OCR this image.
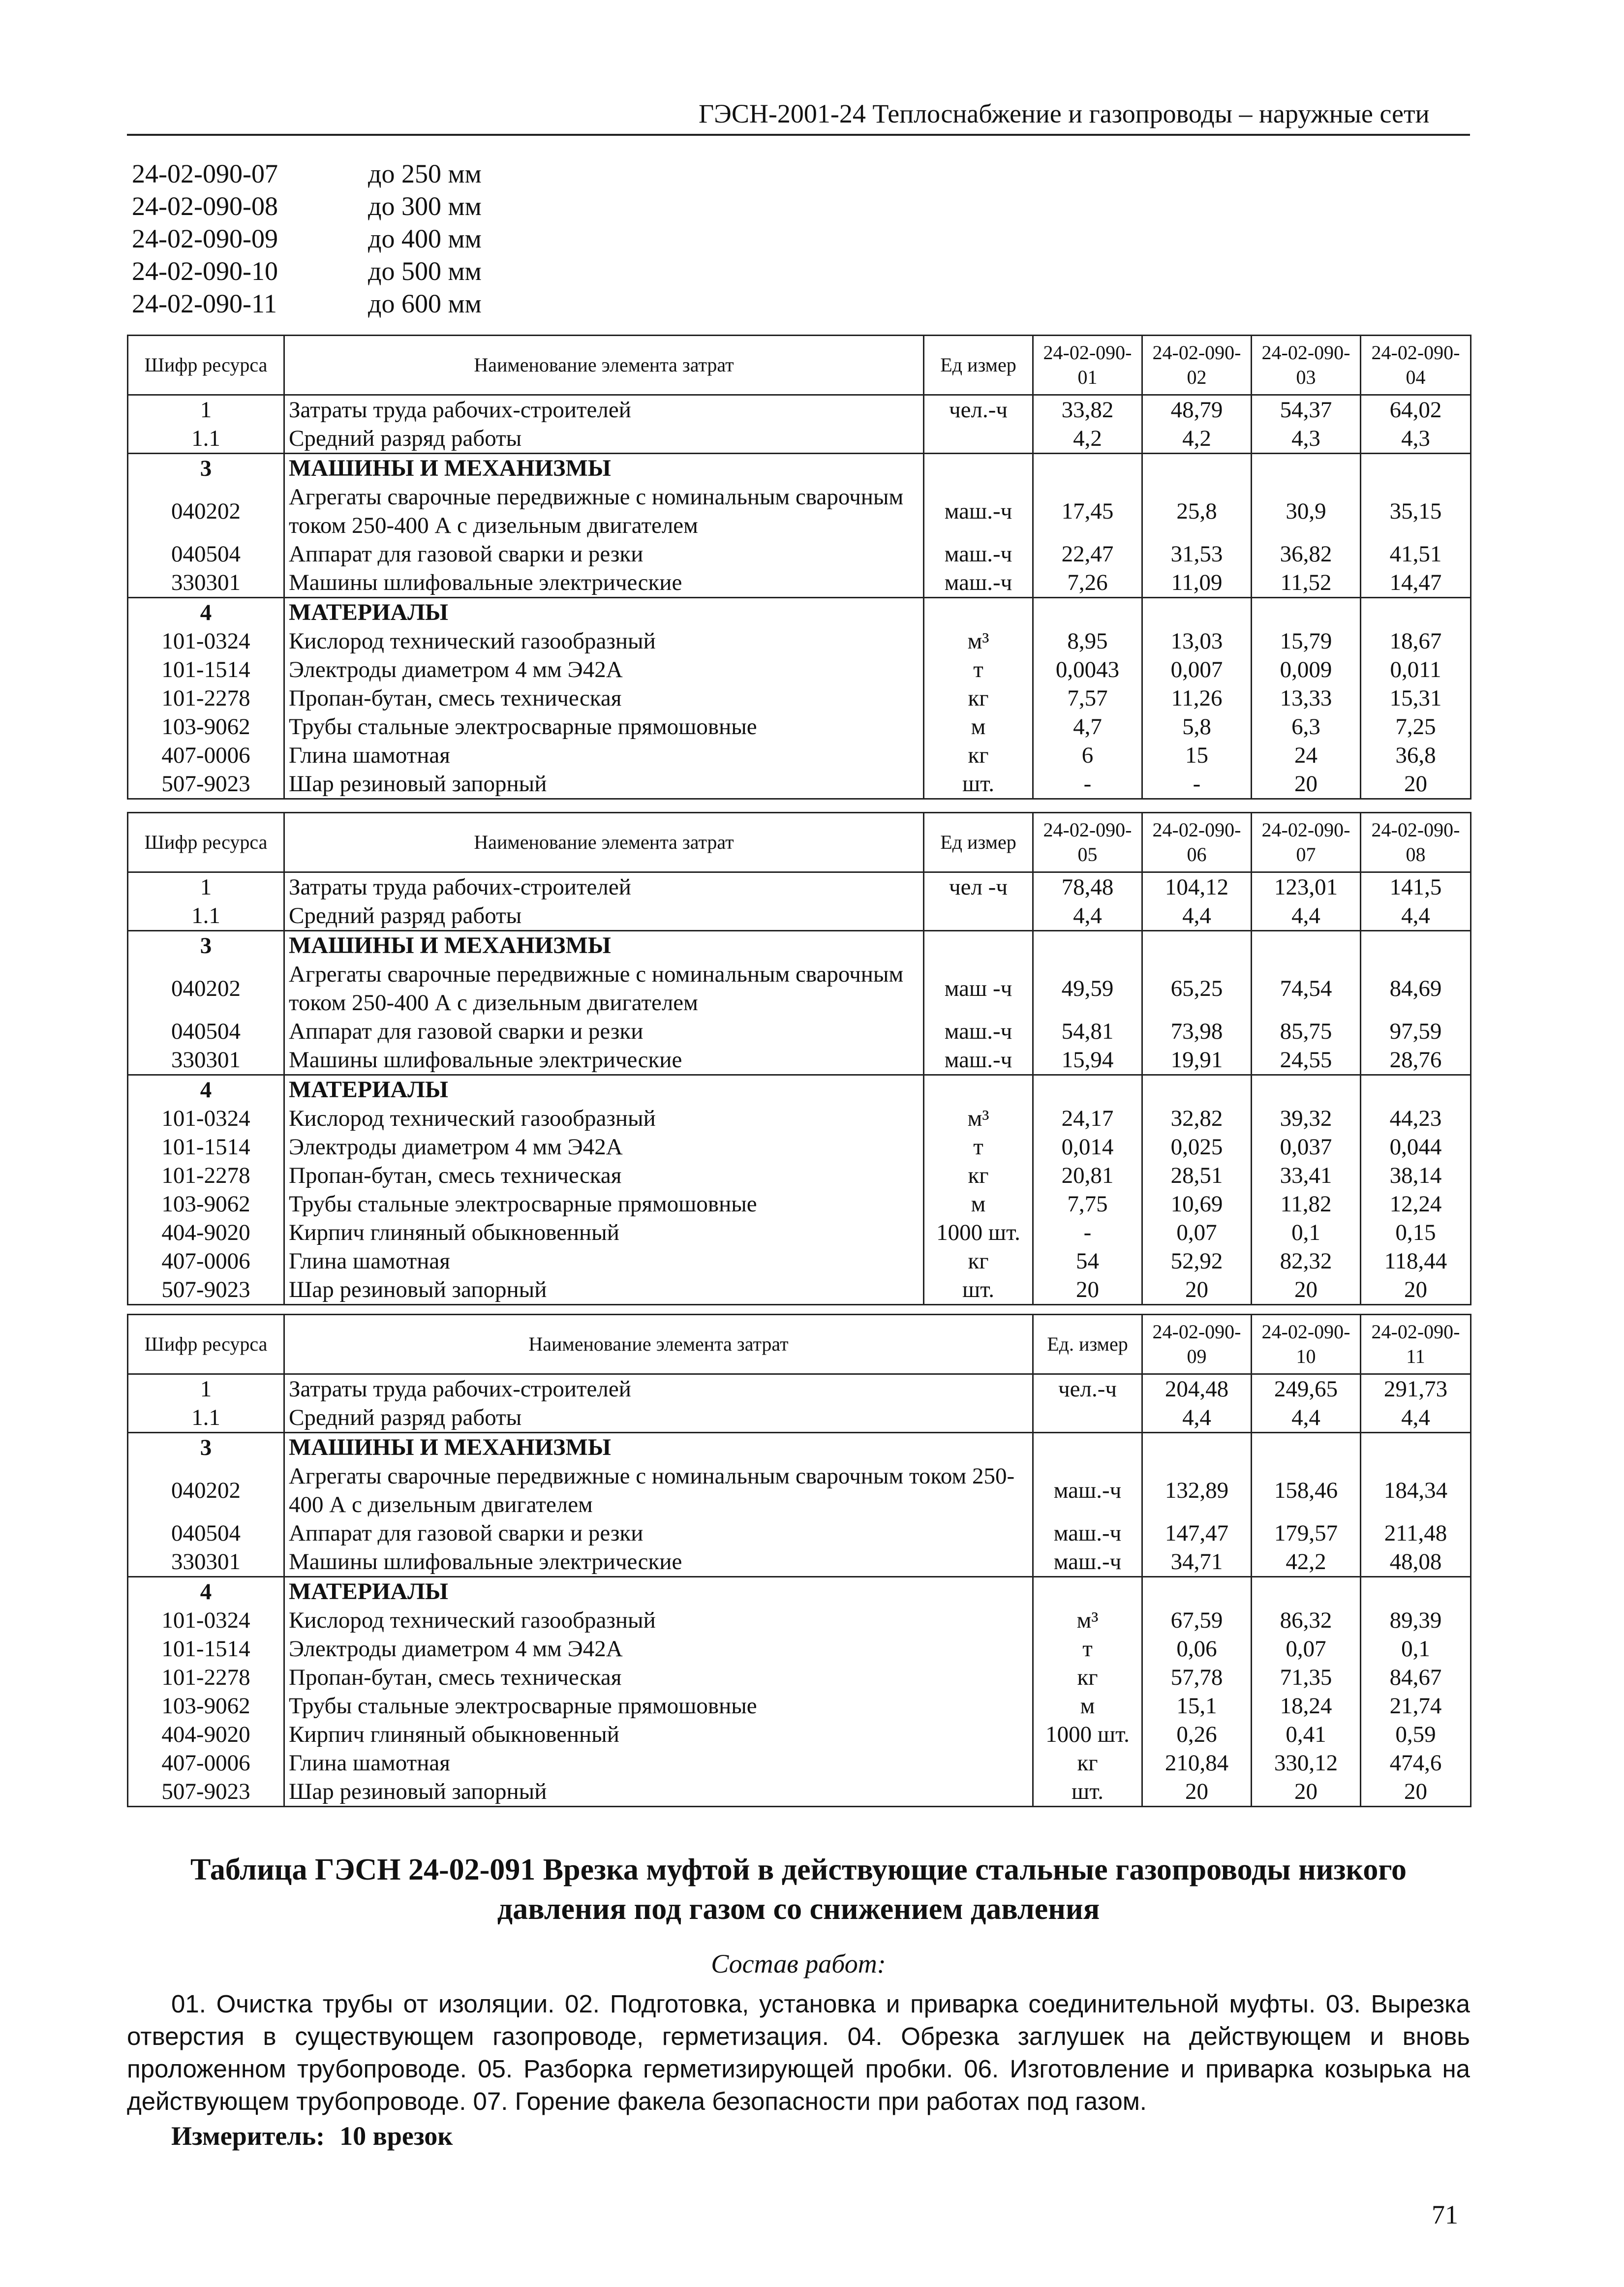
ГЭСН-2001-24 Теплоснабжение и газопроводы – наружные сети
24-02-090-07	до 250 мм
24-02-090-08	до 300 мм
24-02-090-09	до 400 мм
24-02-090-10	до 500 мм
24-02-090-11	до 600 мм
Шифр ресурса	Наименование элемента затрат	Ед измер	24-02-090-01	24-02-090-02	24-02-090-03	24-02-090-04
1	Затраты труда рабочих-строителей	чел.-ч	33,82	48,79	54,37	64,02
1.1	Средний разряд работы		4,2	4,2	4,3	4,3
3	МАШИНЫ И МЕХАНИЗМЫ					
040202	Агрегаты сварочные передвижные с номинальным сварочным током 250-400 А с дизельным двигателем	маш.-ч	17,45	25,8	30,9	35,15
040504	Аппарат для газовой сварки и резки	маш.-ч	22,47	31,53	36,82	41,51
330301	Машины шлифовальные электрические	маш.-ч	7,26	11,09	11,52	14,47
4	МАТЕРИАЛЫ					
101-0324	Кислород технический газообразный	м³	8,95	13,03	15,79	18,67
101-1514	Электроды диаметром 4 мм Э42А	т	0,0043	0,007	0,009	0,011
101-2278	Пропан-бутан, смесь техническая	кг	7,57	11,26	13,33	15,31
103-9062	Трубы стальные электросварные прямошовные	м	4,7	5,8	6,3	7,25
407-0006	Глина шамотная	кг	6	15	24	36,8
507-9023	Шар резиновый запорный	шт.	-	-	20	20
Шифр ресурса	Наименование элемента затрат	Ед измер	24-02-090-05	24-02-090-06	24-02-090-07	24-02-090-08
1	Затраты труда рабочих-строителей	чел -ч	78,48	104,12	123,01	141,5
1.1	Средний разряд работы		4,4	4,4	4,4	4,4
3	МАШИНЫ И МЕХАНИЗМЫ					
040202	Агрегаты сварочные передвижные с номинальным сварочным током 250-400 А с дизельным двигателем	маш -ч	49,59	65,25	74,54	84,69
040504	Аппарат для газовой сварки и резки	маш.-ч	54,81	73,98	85,75	97,59
330301	Машины шлифовальные электрические	маш.-ч	15,94	19,91	24,55	28,76
4	МАТЕРИАЛЫ					
101-0324	Кислород технический газообразный	м³	24,17	32,82	39,32	44,23
101-1514	Электроды диаметром 4 мм Э42А	т	0,014	0,025	0,037	0,044
101-2278	Пропан-бутан, смесь техническая	кг	20,81	28,51	33,41	38,14
103-9062	Трубы стальные электросварные прямошовные	м	7,75	10,69	11,82	12,24
404-9020	Кирпич глиняный обыкновенный	1000 шт.	-	0,07	0,1	0,15
407-0006	Глина шамотная	кг	54	52,92	82,32	118,44
507-9023	Шар резиновый запорный	шт.	20	20	20	20
Шифр ресурса	Наименование элемента затрат	Ед. измер	24-02-090-09	24-02-090-10	24-02-090-11
1	Затраты труда рабочих-строителей	чел.-ч	204,48	249,65	291,73
1.1	Средний разряд работы		4,4	4,4	4,4
3	МАШИНЫ И МЕХАНИЗМЫ				
040202	Агрегаты сварочные передвижные с номинальным сварочным током 250-400 А с дизельным двигателем	маш.-ч	132,89	158,46	184,34
040504	Аппарат для газовой сварки и резки	маш.-ч	147,47	179,57	211,48
330301	Машины шлифовальные электрические	маш.-ч	34,71	42,2	48,08
4	МАТЕРИАЛЫ				
101-0324	Кислород технический газообразный	м³	67,59	86,32	89,39
101-1514	Электроды диаметром 4 мм Э42А	т	0,06	0,07	0,1
101-2278	Пропан-бутан, смесь техническая	кг	57,78	71,35	84,67
103-9062	Трубы стальные электросварные прямошовные	м	15,1	18,24	21,74
404-9020	Кирпич глиняный обыкновенный	1000 шт.	0,26	0,41	0,59
407-0006	Глина шамотная	кг	210,84	330,12	474,6
507-9023	Шар резиновый запорный	шт.	20	20	20
Таблица ГЭСН 24-02-091 Врезка муфтой в действующие стальные газопроводы низкого давления под газом со снижением давления
Состав работ:
01. Очистка трубы от изоляции. 02. Подготовка, установка и приварка соединительной муфты. 03. Вырезка отверстия в существующем газопроводе, герметизация. 04. Обрезка заглушек на действующем и вновь проложенном трубопроводе. 05. Разборка герметизирующей пробки. 06. Изготовление и приварка козырька на действующем трубопроводе. 07. Горение факела безопасности при работах под газом.
Измеритель: 10 врезок
71
